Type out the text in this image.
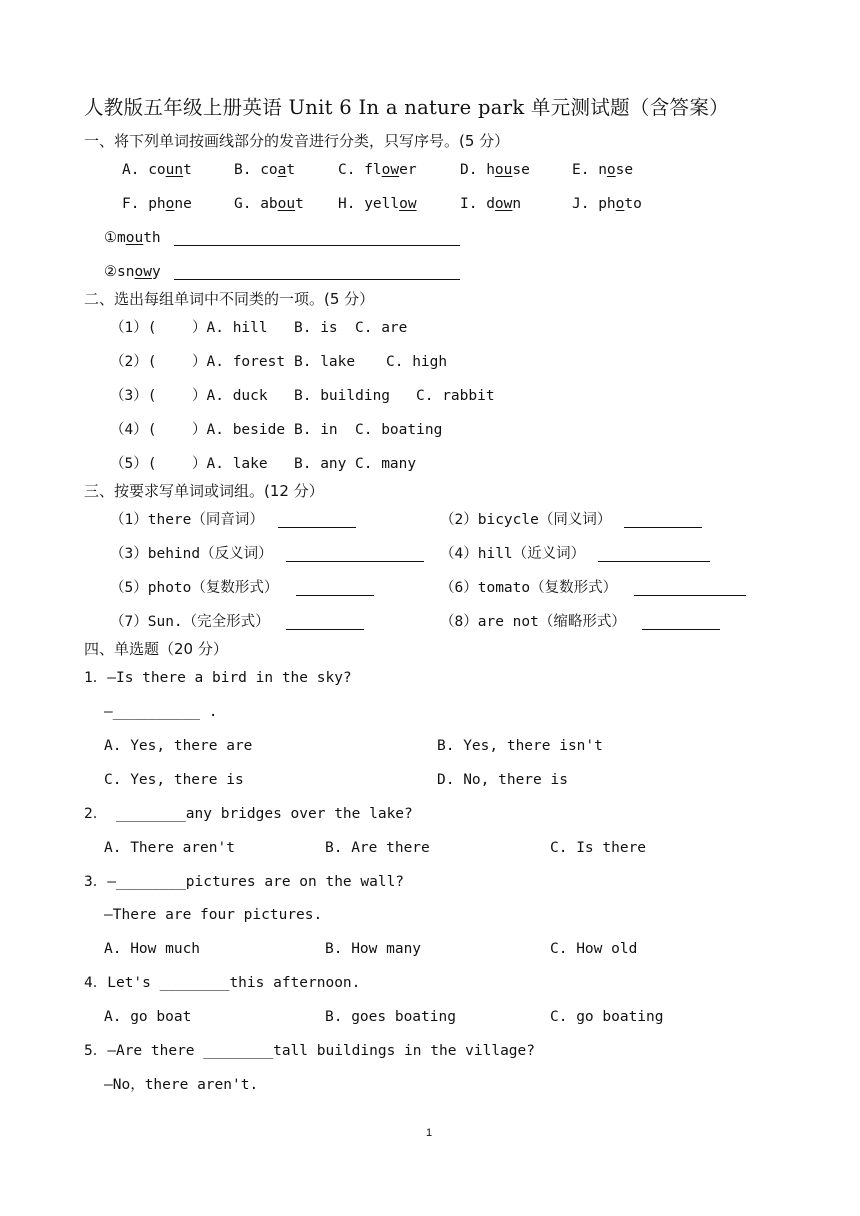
人教版五年级上册英语 Unit 6 In a nature park 单元测试题（含答案）
一、将下列单词按画线部分的发音进行分类，只写序号。(5 分）
A. count	B. coat	C. flower	D. house	E. nose
F. phone	G. about H. yellow	I. down	J. photo
①mouth
②snowy
二、选出每组单词中不同类的一项。(5 分）
（1）( ）A. hill B. is C. are
（2）( ）A. forest B. lake C. high
（3）( ）A. duck B. building C. rabbit
（4）( ）A. beside B. in C. boating
（5）( ）A. lake B. any C. many
三、按要求写单词或词组。(12 分）
（1）there（同音词）	（2）bicycle（同义词）
（3）behind（反义词）	（4）hill（近义词）
（5）photo（复数形式）	（6）tomato（复数形式）
（7）Sun.（完全形式）	（8）are not（缩略形式）
四、单选题（20 分）
1．—Is there a bird in the sky?
—__________ .
A. Yes, there are	B. Yes, there isn't
C. Yes, there is	D. No, there is
2． ________any bridges over the lake?
A. There aren't	B. Are there	C. Is there
3．—________pictures are on the wall?
—There are four pictures.
A. How much	B. How many	C. How old
4．Let's ________this afternoon.
A. go boat	B. goes boating	C. go boating
5．—Are there ________tall buildings in the village?
—No，there aren't.
1
